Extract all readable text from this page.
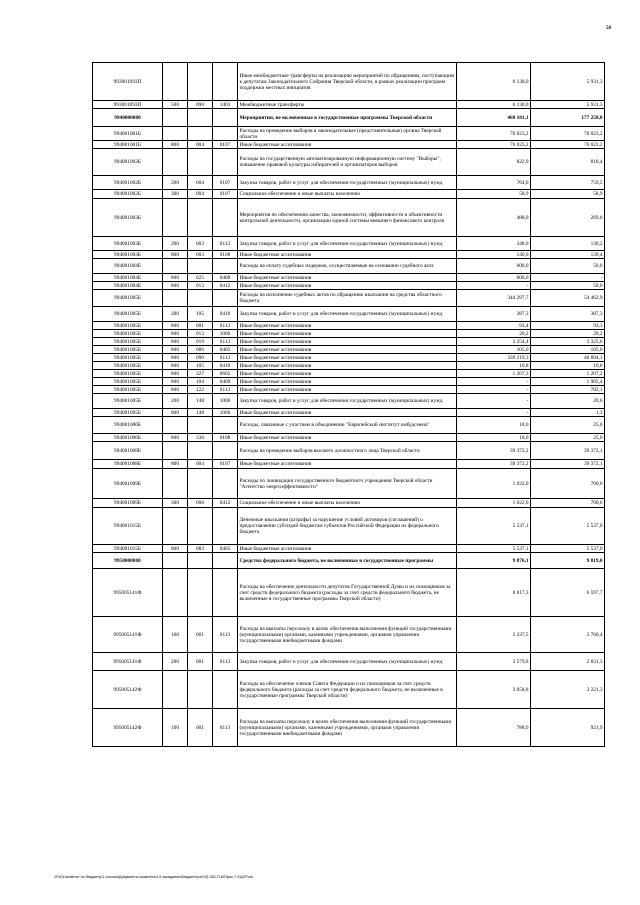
58
993001093П				Иные межбюджетные трансферты на реализацию мероприятий по обращениям, поступающим к депутатам Законодательного Собрания Тверской области, в рамках реализации программ поддержки местных инициатив	6 130,0	5 931,3
993001093П	500	090	1403	Межбюджетные трансферты	6 130,0	5 931,3
9940000000				Мероприятия, не включенные в государственные программы Тверской области	468 181,1	177 258,8
994001001Б				Расходы на проведение выборов в законодательные (представительные) органы Тверской области	76 023,2	76 023,2
994001001Б	800	004	0107	Иные бюджетные ассигнования	76 023,2	76 023,2
994001002Б				Расходы на государственную автоматизированную информационную систему "Выборы", повышение правовой культуры избирателей и организаторов выборов	822,9	818,4
994001002Б	200	004	0107	Закупка товаров, работ и услуг для обеспечения государственных (муниципальных) нужд	764,0	759,5
994001002Б	300	004	0107	Социальное обеспечение и иные выплаты населению	58,9	58,9
994001003Б				Мероприятия по обеспечению качества, экономичности, эффективности и объективности контрольной деятельности, организации единой системы внешнего финансового контроля	488,0	269,6
994001003Б	200	003	0113	Закупка товаров, работ и услуг для обеспечения государственных (муниципальных) нужд	348,0	130,2
994001003Б	800	003	0108	Иные бюджетные ассигнования	140,0	139,4
994001004Б				Расходы на оплату судебных издержек, осуществляемые на основании судебного акта	600,0	50,0
994001004Б	800	025	0408	Иные бюджетные ассигнования	600,0	-
994001004Б	800	013	0412	Иные бюджетные ассигнования	-	50,0
994001005Б				Расходы на исполнение судебных актов по обращению взыскания на средства областного бюджета	344 297,7	54 462,9
994001005Б	200	105	0410	Закупка товаров, работ и услуг для обеспечения государственных (муниципальных) нужд	387,3	387,3
994001005Б	800	001	0113	Иные бюджетные ассигнования	93,4	93,3
994001005Б	800	013	1006	Иные бюджетные ассигнования	20,2	20,2
994001005Б	800	019	0113	Иные бюджетные ассигнования	3 254,4	3 325,6
994001005Б	800	086	0405	Иные бюджетные ассигнования	105,0	105,0
994001005Б	800	090	0113	Иные бюджетные ассигнования	339 219,3	46 604,1
994001005Б	800	105	0410	Иные бюджетные ассигнования	10,8	10,8
994001005Б	800	327	0605	Иные бюджетные ассигнования	1 207,3	1 207,2
994001005Б	800	104	0409	Иные бюджетные ассигнования	-	1 905,4
994001005Б	800	122	0113	Иные бюджетные ассигнования	-	782,1
994001005Б	200	148	1006	Закупка товаров, работ и услуг для обеспечения государственных (муниципальных) нужд	-	20,6
994001005Б	800	148	1006	Иные бюджетные ассигнования	-	1,3
994001006Б				Расходы, связанные с участием в объединении "Европейский институт омбудсмена"	18,0	25,0
994001006Б	800	336	0108	Иные бюджетные ассигнования	18,0	25,0
994001008Б				Расходы на проведение выборов высшего должностного лица Тверской области	39 372,2	39 372,1
994001008Б	800	004	0107	Иные бюджетные ассигнования	39 372,2	39 372,1
994001009Б				Расходы по ликвидации государственного бюджетного учреждения Тверской области "Агентство энергоэффективности"	1 022,0	700,6
994001009Б	300	006	0412	Социальное обеспечение и иные выплаты населению	1 022,0	700,6
994001015Б				Денежные взыскания (штрафы) за нарушение условий договоров (соглашений) о предоставлении субсидий бюджетам субъектов Российской Федерации из федерального бюджета	5 537,1	5 537,0
994001015Б	800	083	0405	Иные бюджетные ассигнования	5 537,1	5 537,0
9950000000				Средства федерального бюджета, не включенные в государственные программы	9 876,1	9 819,0
995005141Ф				Расходы на обеспечение деятельности депутатов Государственной Думы и их помощников за счет средств федерального бюджета (расходы за счет средств федерального бюджета, не включенные в государственные программы Тверской области)	6 817,3	6 597,7
995005141Ф	100	001	0113	Расходы на выплаты персоналу в целях обеспечения выполнения функций государственными (муниципальными) органами, казенными учреждениями, органами управления государственными внебюджетными фондами	3 237,5	3 766,4
995005141Ф	200	001	0113	Закупка товаров, работ и услуг для обеспечения государственных (муниципальных) нужд	3 579,8	2 831,3
995005142Ф				Расходы на обеспечение членов Совета Федерации и их помощников за счет средств федерального бюджета (расходы за счет средств федерального бюджета, не включенные в государственные программы Тверской области)	3 058,8	3 221,3
995005142Ф	100	001	0113	Расходы на выплаты персоналу в целях обеспечения выполнения функций государственными (муниципальными) органами, казенными учреждениями, органами управления государственными внебюджетными фондами	788,0	921,9
\\Fs01\комитет по бюджету\1 ссылки\Документы комитета\13 заседание\Бюджет\кзп\13) 282-П-6\Прил 7 КЦСР.xls
